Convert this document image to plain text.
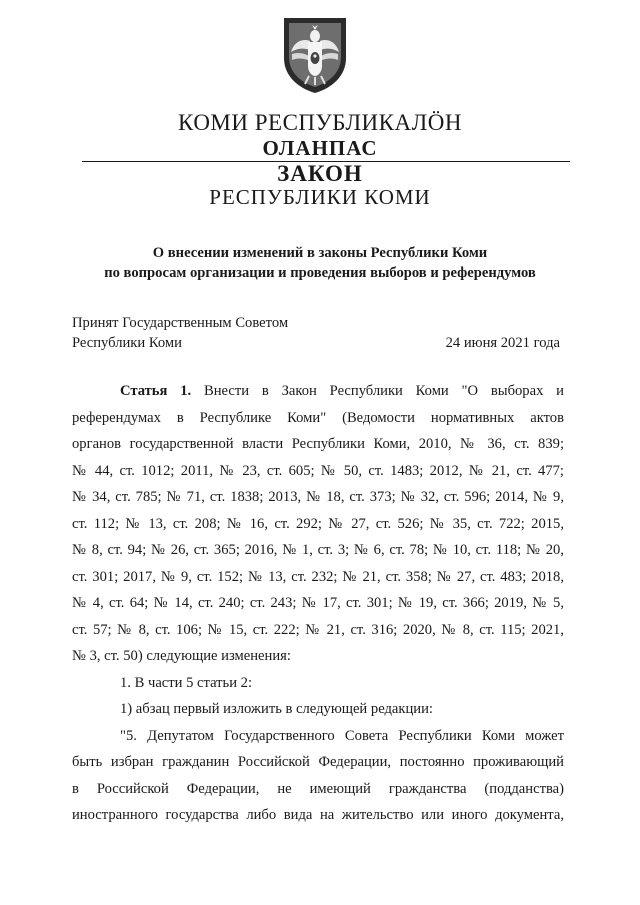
КОМИ РЕСПУБЛИКАЛÖН
ОЛАНПАС
ЗАКОН
РЕСПУБЛИКИ КОМИ
О внесении изменений в законы Республики Коми
по вопросам организации и проведения выборов и референдумов
Принят Государственным Советом
Республики Коми	24 июня 2021 года
Статья 1. Внести в Закон Республики Коми "О выборах и
референдумах в Республике Коми" (Ведомости нормативных актов
органов государственной власти Республики Коми, 2010, № 36, ст. 839;
№ 44, ст. 1012; 2011, № 23, ст. 605; № 50, ст. 1483; 2012, № 21, ст. 477;
№ 34, ст. 785; № 71, ст. 1838; 2013, № 18, ст. 373; № 32, ст. 596; 2014, № 9,
ст. 112; № 13, ст. 208; № 16, ст. 292; № 27, ст. 526; № 35, ст. 722; 2015,
№ 8, ст. 94; № 26, ст. 365; 2016, № 1, ст. 3; № 6, ст. 78; № 10, ст. 118; № 20,
ст. 301; 2017, № 9, ст. 152; № 13, ст. 232; № 21, ст. 358; № 27, ст. 483; 2018,
№ 4, ст. 64; № 14, ст. 240; ст. 243; № 17, ст. 301; № 19, ст. 366; 2019, № 5,
ст. 57; № 8, ст. 106; № 15, ст. 222; № 21, ст. 316; 2020, № 8, ст. 115; 2021,
№ 3, ст. 50) следующие изменения:
1. В части 5 статьи 2:
1) абзац первый изложить в следующей редакции:
"5. Депутатом Государственного Совета Республики Коми может
быть избран гражданин Российской Федерации, постоянно проживающий
в Российской Федерации, не имеющий гражданства (подданства)
иностранного государства либо вида на жительство или иного документа,
